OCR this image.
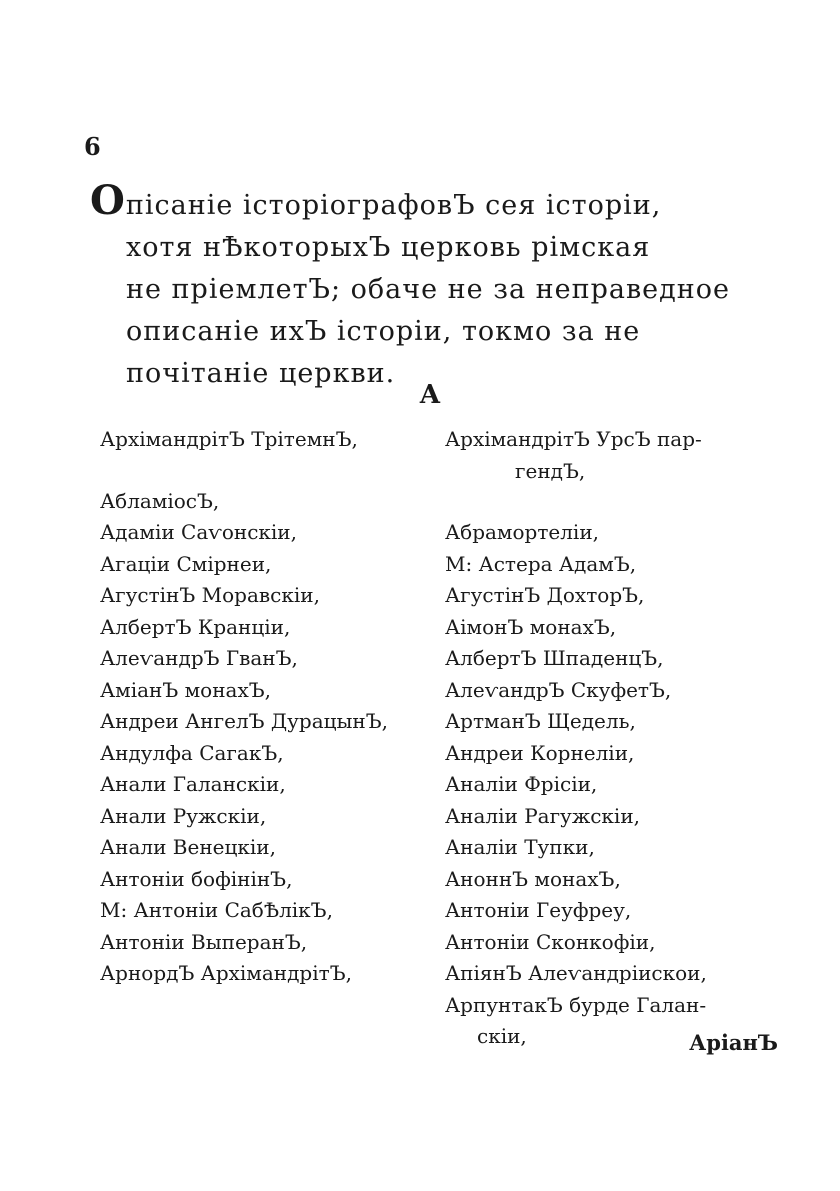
6
Опісаніе історіографовЪ сея історіи,
хотя нѢкоторыхЪ церковь рімская
не пріемлетЪ; обаче не за неправедное
описаніе ихЪ історіи, токмо за не
почітаніе церкви.
А
АрхімандрітЪ ТрітемнЪ,
АбламіосЪ,
Адаміи Саѵонскіи,
Агаціи Смірнеи,
АгустінЪ Моравскіи,
АлбертЪ Кранціи,
АлеѵандрЪ ГванЪ,
АміанЪ монахЪ,
Андреи АнгелЪ ДурацынЪ,
Андулфа СагакЪ,
Анали Галанскіи,
Анали Ружскіи,
Анали Венецкіи,
Антоніи бофінінЪ,
М: Антоніи СабѢлікЪ,
Антоніи ВыперанЪ,
АрнордЪ АрхімандрітЪ,
АрхімандрітЪ УрсЪ пар-
гендЪ,
Абрамортеліи,
М: Астера АдамЪ,
АгустінЪ ДохторЪ,
АімонЪ монахЪ,
АлбертЪ ШпаденцЪ,
АлеѵандрЪ СкуфетЪ,
АртманЪ Щедель,
Андреи Корнеліи,
Аналіи Фрісіи,
Аналіи Рагужскіи,
Аналіи Тупки,
АноннЪ монахЪ,
Антоніи Геуфреу,
Антоніи Сконкофіи,
АпіянЪ Алеѵандріискои,
АрпунтакЪ бурде Галан-
скіи,	АріанЪ
